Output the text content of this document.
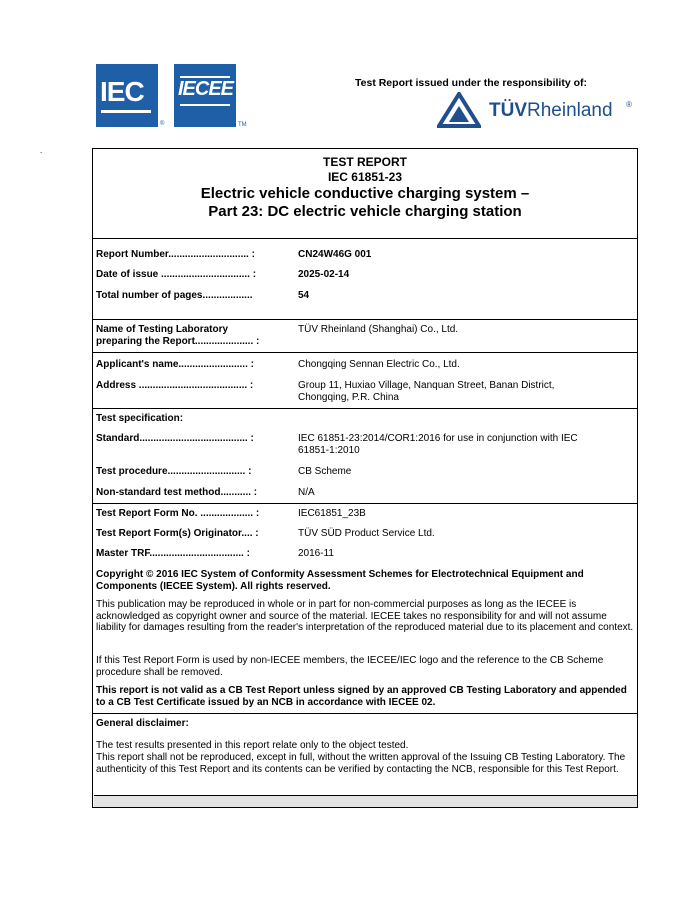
IEC
®
IECEE
TM
Test Report issued under the responsibility of:
TÜVRheinland ®
.
TEST REPORT
IEC 61851-23
Electric vehicle conductive charging system –
Part 23: DC electric vehicle charging station
Report Number............................. :	CN24W46G 001
Date of issue ................................ :	2025-02-14
Total number of pages..................	54
Name of Testing Laboratory
preparing the Report..................... :
TÜV Rheinland (Shanghai) Co., Ltd.
Applicant's name......................... :	Chongqing Sennan Electric Co., Ltd.
Address ....................................... :	Group 11, Huxiao Village, Nanquan Street, Banan District,
Chongqing, P.R. China
Test specification:
Standard....................................... :	IEC 61851-23:2014/COR1:2016 for use in conjunction with IEC
61851-1:2010
Test procedure............................ :	CB Scheme
Non-standard test method........... :	N/A
Test Report Form No. ................... :	IEC61851_23B
Test Report Form(s) Originator.... :	TÜV SÜD Product Service Ltd.
Master TRF.................................. :	2016-11
Copyright © 2016 IEC System of Conformity Assessment Schemes for Electrotechnical Equipment and Components (IECEE System). All rights reserved.
This publication may be reproduced in whole or in part for non-commercial purposes as long as the IECEE is acknowledged as copyright owner and source of the material. IECEE takes no responsibility for and will not assume liability for damages resulting from the reader's interpretation of the reproduced material due to its placement and context.
If this Test Report Form is used by non-IECEE members, the IECEE/IEC logo and the reference to the CB Scheme procedure shall be removed.
This report is not valid as a CB Test Report unless signed by an approved CB Testing Laboratory and appended to a CB Test Certificate issued by an NCB in accordance with IECEE 02.
General disclaimer:
The test results presented in this report relate only to the object tested.
This report shall not be reproduced, except in full, without the written approval of the Issuing CB Testing Laboratory. The authenticity of this Test Report and its contents can be verified by contacting the NCB, responsible for this Test Report.
